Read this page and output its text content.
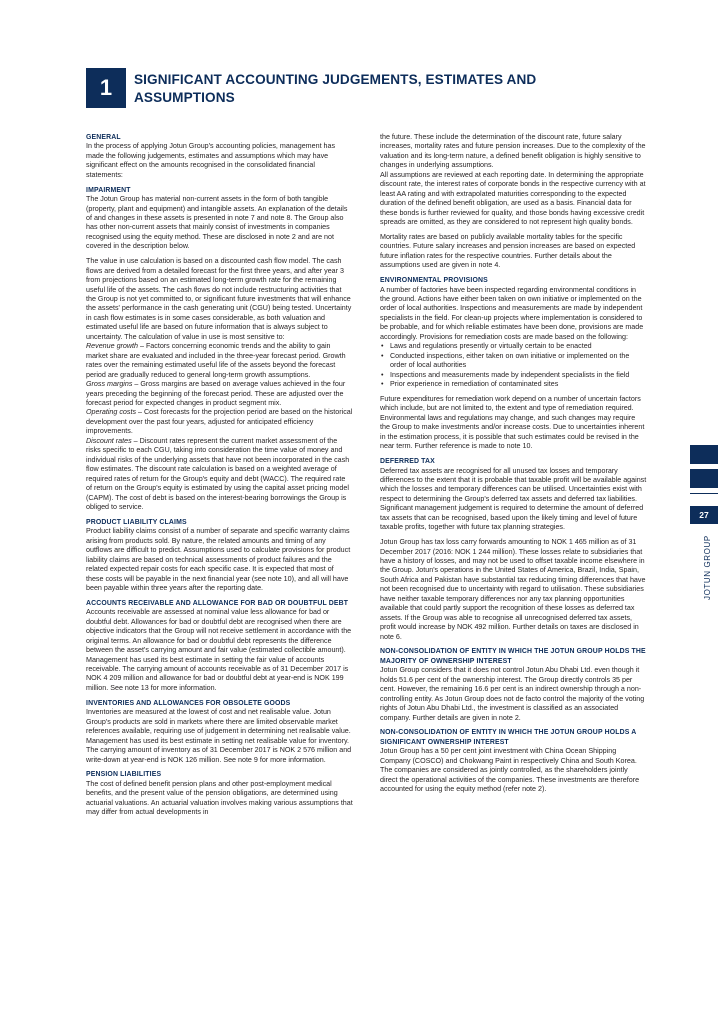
1	SIGNIFICANT ACCOUNTING JUDGEMENTS, ESTIMATES AND ASSUMPTIONS

GENERAL

In the process of applying Jotun Group's accounting policies, management has made the following judgements, estimates and assumptions which may have significant effect on the amounts recognised in the consolidated financial statements:

IMPAIRMENT

The Jotun Group has material non-current assets in the form of both tangible (property, plant and equipment) and intangible assets. An explanation of the details of and changes in these assets is presented in note 7 and note 8. The Group also has other non-current assets that mainly consist of investments in companies recognised using the equity method. These are disclosed in note 2 and are not covered in the description below.

The value in use calculation is based on a discounted cash flow model. The cash flows are derived from a detailed forecast for the first three years, and after year 3 from projections based on an estimated long-term growth rate for the remaining useful life of the assets. The cash flows do not include restructuring activities that the Group is not yet committed to, or significant future investments that will enhance the assets' performance in the cash generating unit (CGU) being tested. Uncertainty in cash flow estimates is in some cases considerable, as both valuation and estimated useful life are based on future information that is always subject to uncertainty. The calculation of value in use is most sensitive to:

Revenue growth – Factors concerning economic trends and the ability to gain market share are evaluated and included in the three-year forecast period. Growth rates over the remaining estimated useful life of the assets beyond the forecast period are gradually reduced to general long-term growth assumptions.

Gross margins – Gross margins are based on average values achieved in the four years preceding the beginning of the forecast period. These are adjusted over the forecast period for expected changes in product segment mix.

Operating costs – Cost forecasts for the projection period are based on the historical development over the past four years, adjusted for anticipated efficiency improvements.

Discount rates – Discount rates represent the current market assessment of the risks specific to each CGU, taking into consideration the time value of money and individual risks of the underlying assets that have not been incorporated in the cash flow estimates. The discount rate calculation is based on a weighted average of required rates of return for the Group's equity and debt (WACC). The required rate of return on the Group's equity is estimated by using the capital asset pricing model (CAPM). The cost of debt is based on the interest-bearing borrowings the Group is obliged to service.

PRODUCT LIABILITY CLAIMS

Product liability claims consist of a number of separate and specific warranty claims arising from products sold. By nature, the related amounts and timing of any outflows are difficult to predict. Assumptions used to calculate provisions for product liability claims are based on technical assessments of product failures and the related expected repair costs for each specific case. It is expected that most of these costs will be payable in the next financial year (see note 10), and all will have been payable within three years after the reporting date.

ACCOUNTS RECEIVABLE AND ALLOWANCE FOR BAD OR DOUBTFUL DEBT

Accounts receivable are assessed at nominal value less allowance for bad or doubtful debt. Allowances for bad or doubtful debt are recognised when there are objective indicators that the Group will not receive settlement in accordance with the original terms. An allowance for bad or doubtful debt represents the difference between the asset's carrying amount and fair value (estimated collectible amount). Management has used its best estimate in setting the fair value of accounts receivable. The carrying amount of accounts receivable as of 31 December 2017 is NOK 4 209 million and allowance for bad or doubtful debt at year-end is NOK 199 million. See note 13 for more information.

INVENTORIES AND ALLOWANCES FOR OBSOLETE GOODS

Inventories are measured at the lowest of cost and net realisable value. Jotun Group's products are sold in markets where there are limited observable market references available, requiring use of judgement in determining net realisable value. Management has used its best estimate in setting net realisable value for inventory. The carrying amount of inventory as of 31 December 2017 is NOK 2 576 million and write-down at year-end is NOK 126 million. See note 9 for more information.

PENSION LIABILITIES

The cost of defined benefit pension plans and other post-employment medical benefits, and the present value of the pension obligations, are determined using actuarial valuations. An actuarial valuation involves making various assumptions that may differ from actual developments in

the future. These include the determination of the discount rate, future salary increases, mortality rates and future pension increases. Due to the complexity of the valuation and its long-term nature, a defined benefit obligation is highly sensitive to changes in underlying assumptions.

All assumptions are reviewed at each reporting date. In determining the appropriate discount rate, the interest rates of corporate bonds in the respective currency with at least AA rating and with extrapolated maturities corresponding to the expected duration of the defined benefit obligation, are used as a basis. Financial data for these bonds is further reviewed for quality, and those bonds having excessive credit spreads are omitted, as they are considered to not represent high quality bonds.

Mortality rates are based on publicly available mortality tables for the specific countries. Future salary increases and pension increases are based on expected future inflation rates for the respective countries. Further details about the assumptions used are given in note 4.

ENVIRONMENTAL PROVISIONS

A number of factories have been inspected regarding environmental conditions in the ground. Actions have either been taken on own initiative or implemented on the order of local authorities. Inspections and measurements are made by independent specialists in the field. For clean-up projects where implementation is considered to be probable, and for which reliable estimates have been done, provisions are made accordingly. Provisions for remediation costs are made based on the following:

• Laws and regulations presently or virtually certain to be enacted
• Conducted inspections, either taken on own initiative or implemented on the order of local authorities
• Inspections and measurements made by independent specialists in the field
• Prior experience in remediation of contaminated sites

Future expenditures for remediation work depend on a number of uncertain factors which include, but are not limited to, the extent and type of remediation required. Environmental laws and regulations may change, and such changes may require the Group to make investments and/or increase costs. Due to uncertainties inherent in the estimation process, it is possible that such estimates could be revised in the near term. Further reference is made to note 10.

DEFERRED TAX

Deferred tax assets are recognised for all unused tax losses and temporary differences to the extent that it is probable that taxable profit will be available against which the losses and temporary differences can be utilised. Uncertainties exist with respect to determining the Group's deferred tax assets and deferred tax liabilities. Significant management judgement is required to determine the amount of deferred tax assets that can be recognised, based upon the likely timing and level of future taxable profits, together with future tax planning strategies.

Jotun Group has tax loss carry forwards amounting to NOK 1 465 million as of 31 December 2017 (2016: NOK 1 244 million). These losses relate to subsidiaries that have a history of losses, and may not be used to offset taxable income elsewhere in the Group. Jotun's operations in the United States of America, Brazil, India, Spain, South Africa and Pakistan have substantial tax reducing timing differences that have not been recognised due to uncertainty with regard to utilisation. These subsidiaries have neither taxable temporary differences nor any tax planning opportunities available that could partly support the recognition of these losses as deferred tax assets. If the Group was able to recognise all unrecognised deferred tax assets, profit would increase by NOK 492 million. Further details on taxes are disclosed in note 6.

NON-CONSOLIDATION OF ENTITY IN WHICH THE JOTUN GROUP HOLDS THE MAJORITY OF OWNERSHIP INTEREST

Jotun Group considers that it does not control Jotun Abu Dhabi Ltd. even though it holds 51.6 per cent of the ownership interest. The Group directly controls 35 per cent. However, the remaining 16.6 per cent is an indirect ownership through a non-controlling entity. As Jotun Group does not de facto control the majority of the voting rights of Jotun Abu Dhabi Ltd., the investment is classified as an associated company. Further details are given in note 2.

NON-CONSOLIDATION OF ENTITY IN WHICH THE JOTUN GROUP HOLDS A SIGNIFICANT OWNERSHIP INTEREST

Jotun Group has a 50 per cent joint investment with China Ocean Shipping Company (COSCO) and Chokwang Paint in respectively China and South Korea. The companies are considered as jointly controlled, as the shareholders jointly direct the operational activities of the companies. These investments are therefore accounted for using the equity method (refer note 2).

27
JOTUN GROUP
